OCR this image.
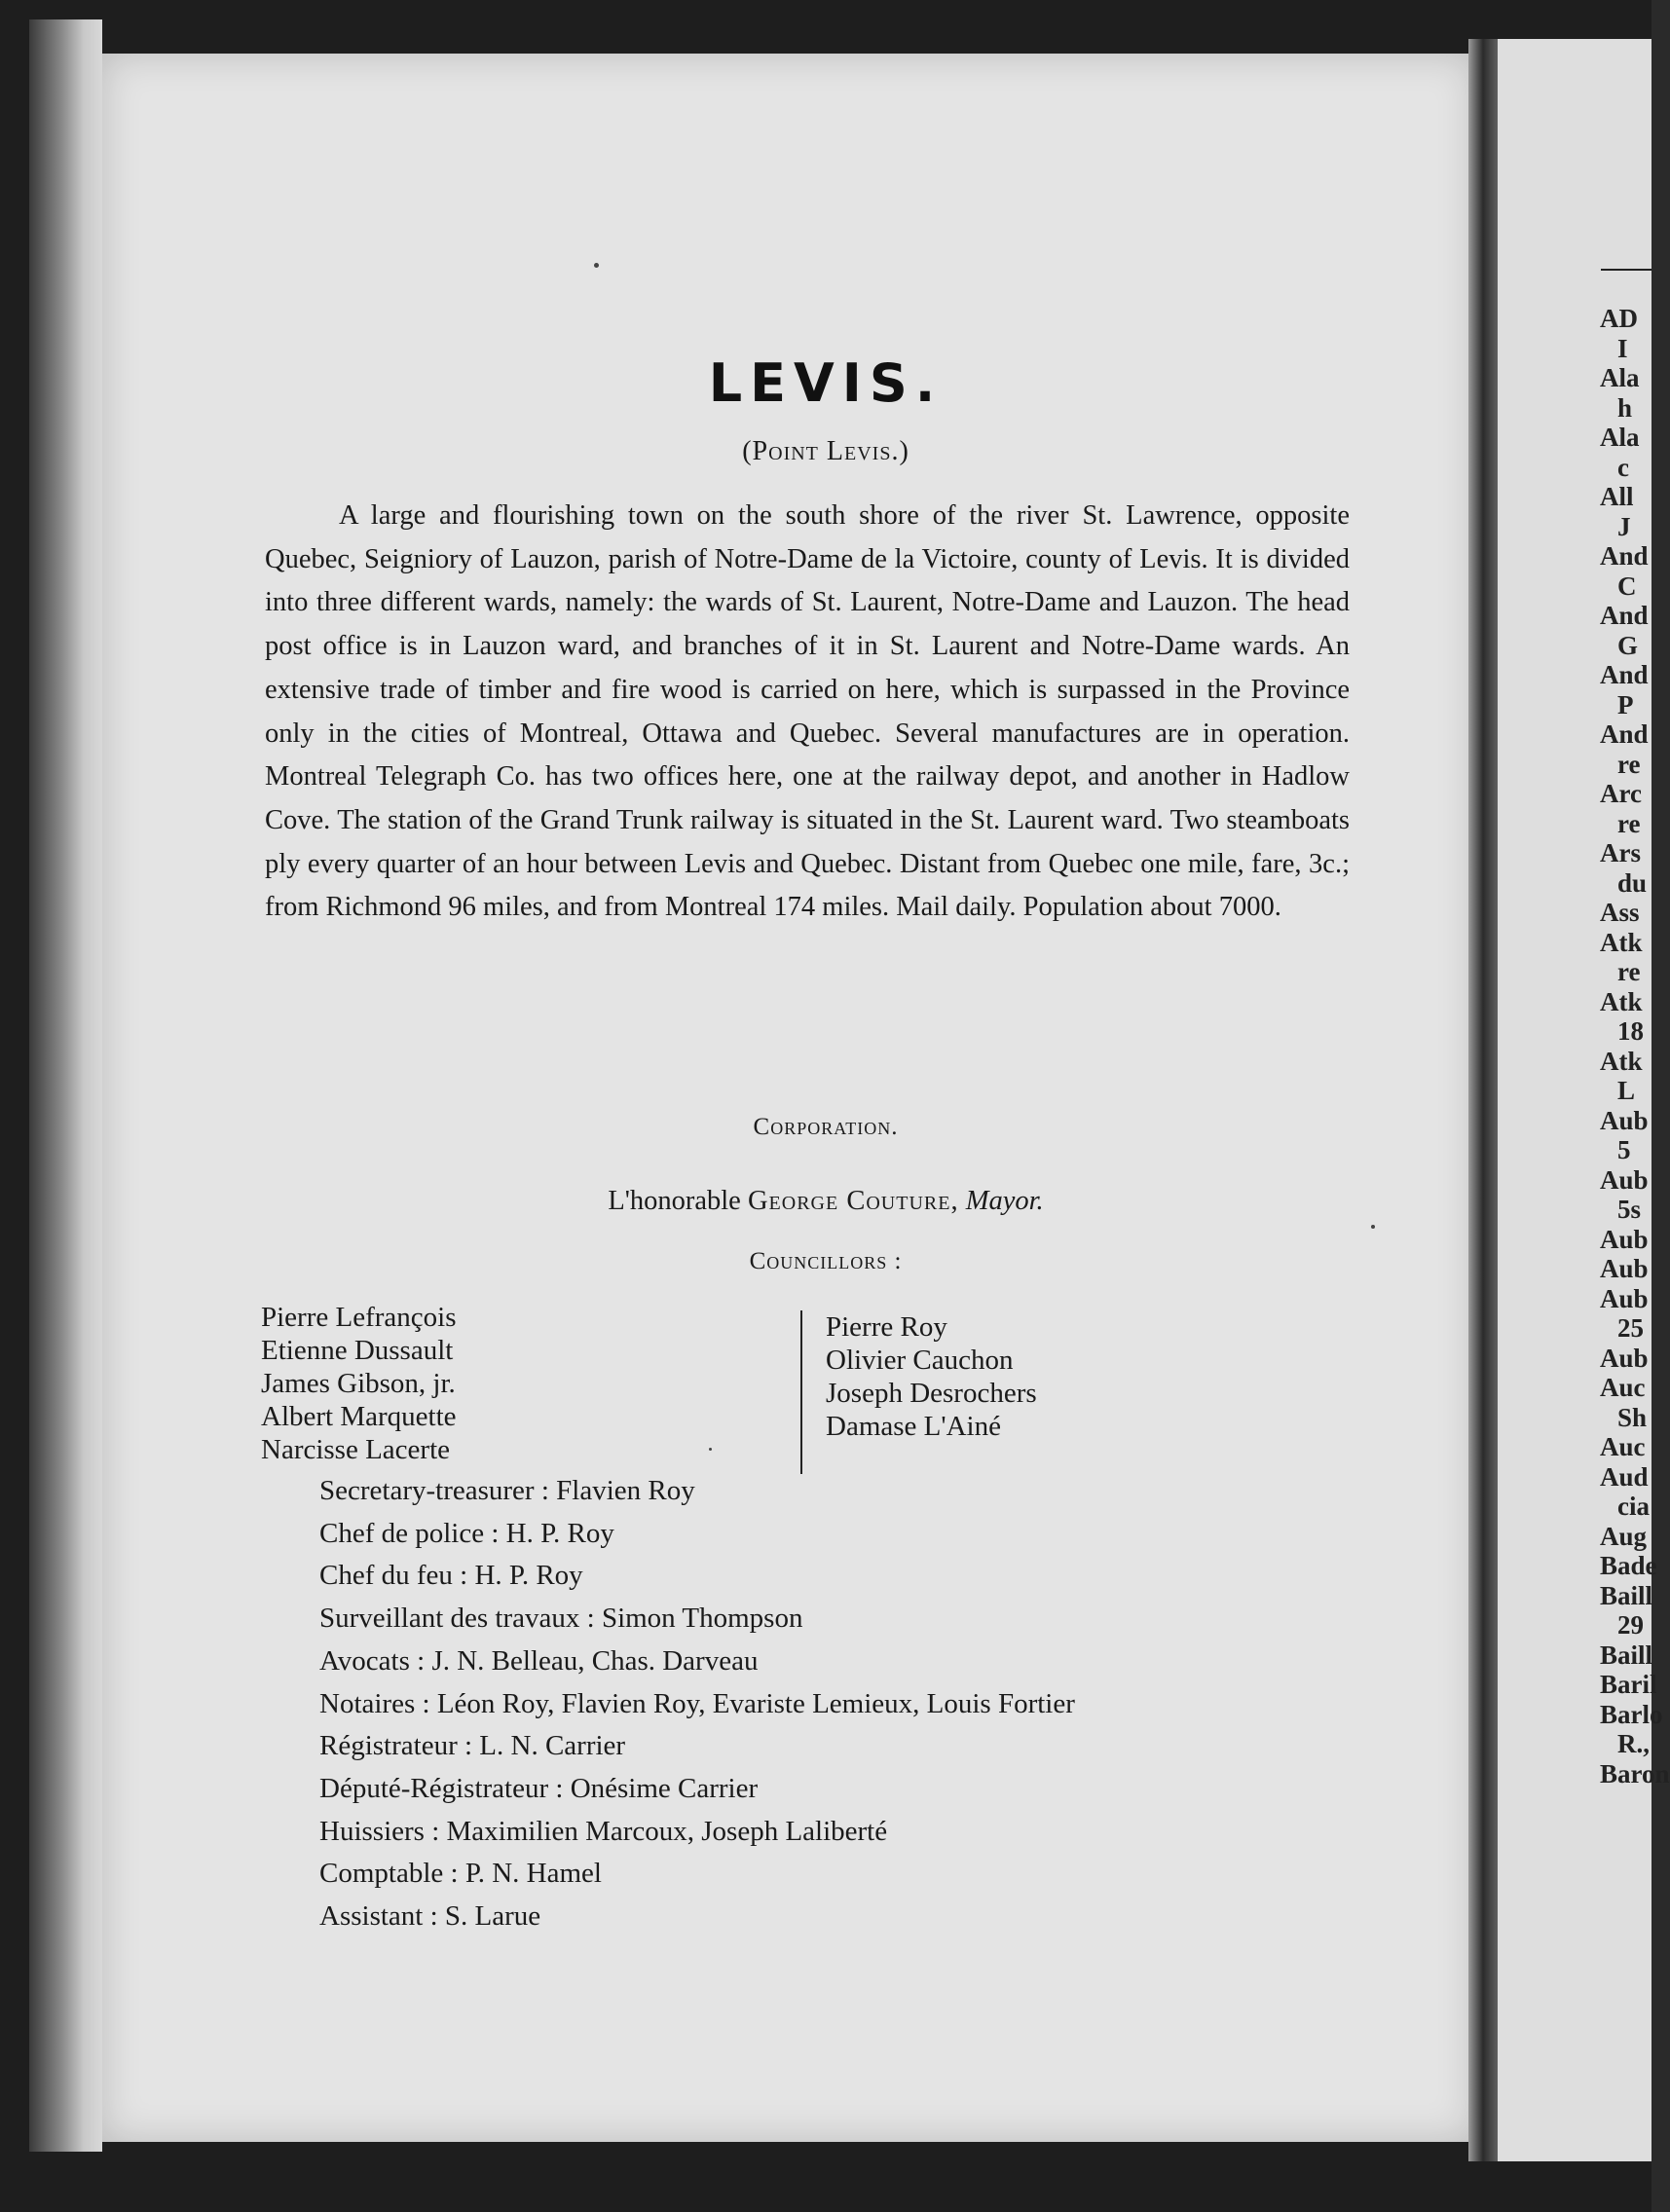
AD
I
Ala
h
Ala
c
All
J
And
C
And
G
And
P
And
re
Arc
re
Ars
du
Ass
Atk
re
Atk
18
Atk
L
Aub
5
Aub
5s
Aub
Aub
Aub
25
Aub
Auc
Sh
Auc
Aud
cia
Aug
Bade
Baill
29
Baill
Baril
Barlo
R.,
Baron
LEVIS.
(Point Levis.)
A large and flourishing town on the south shore of the river St. Lawrence, opposite Quebec, Seigniory of Lauzon, parish of Notre-Dame de la Victoire, county of Levis. It is divided into three different wards, namely: the wards of St. Laurent, Notre-Dame and Lauzon. The head post office is in Lauzon ward, and branches of it in St. Laurent and Notre-Dame wards. An extensive trade of timber and fire wood is carried on here, which is surpassed in the Province only in the cities of Montreal, Ottawa and Quebec. Several manufactures are in operation. Montreal Telegraph Co. has two offices here, one at the railway depot, and another in Hadlow Cove. The station of the Grand Trunk railway is situated in the St. Laurent ward. Two steamboats ply every quarter of an hour between Levis and Quebec. Distant from Quebec one mile, fare, 3c.; from Richmond 96 miles, and from Montreal 174 miles. Mail daily. Population about 7000.
Corporation.
L'honorable George Couture, Mayor.
Councillors :
Pierre Lefrançois
Etienne Dussault
James Gibson, jr.
Albert Marquette
Narcisse Lacerte
Pierre Roy
Olivier Cauchon
Joseph Desrochers
Damase L'Ainé
Secretary-treasurer : Flavien Roy
Chef de police : H. P. Roy
Chef du feu : H. P. Roy
Surveillant des travaux : Simon Thompson
Avocats : J. N. Belleau, Chas. Darveau
Notaires : Léon Roy, Flavien Roy, Evariste Lemieux, Louis Fortier
Régistrateur : L. N. Carrier
Député-Régistrateur : Onésime Carrier
Huissiers : Maximilien Marcoux, Joseph Laliberté
Comptable : P. N. Hamel
Assistant : S. Larue
